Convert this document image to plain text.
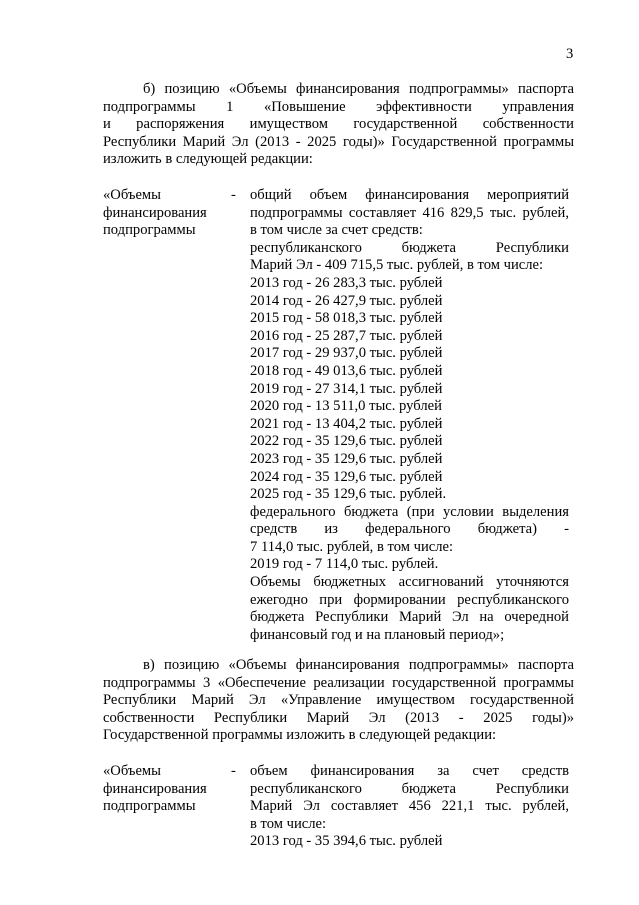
3
б) позицию «Объемы финансирования подпрограммы» паспорта
подпрограммы 1 «Повышение эффективности управления
и распоряжения имуществом государственной собственности
Республики Марий Эл (2013 - 2025 годы)» Государственной программы
изложить в следующей редакции:
«Объемы
финансирования
подпрограммы
- общий объем финансирования мероприятий
подпрограммы составляет 416 829,5 тыс. рублей,
в том числе за счет средств:
республиканского бюджета Республики
Марий Эл - 409 715,5 тыс. рублей, в том числе:
2013 год - 26 283,3 тыс. рублей
2014 год - 26 427,9 тыс. рублей
2015 год - 58 018,3 тыс. рублей
2016 год - 25 287,7 тыс. рублей
2017 год - 29 937,0 тыс. рублей
2018 год - 49 013,6 тыс. рублей
2019 год - 27 314,1 тыс. рублей
2020 год - 13 511,0 тыс. рублей
2021 год - 13 404,2 тыс. рублей
2022 год - 35 129,6 тыс. рублей
2023 год - 35 129,6 тыс. рублей
2024 год - 35 129,6 тыс. рублей
2025 год - 35 129,6 тыс. рублей.
федерального бюджета (при условии выделения
средств из федерального бюджета) -
7 114,0 тыс. рублей, в том числе:
2019 год - 7 114,0 тыс. рублей.
Объемы бюджетных ассигнований уточняются
ежегодно при формировании республиканского
бюджета Республики Марий Эл на очередной
финансовый год и на плановый период»;
в) позицию «Объемы финансирования подпрограммы» паспорта
подпрограммы 3 «Обеспечение реализации государственной программы
Республики Марий Эл «Управление имуществом государственной
собственности Республики Марий Эл (2013 - 2025 годы)»
Государственной программы изложить в следующей редакции:
«Объемы
финансирования
подпрограммы
- объем финансирования за счет средств
республиканского бюджета Республики
Марий Эл составляет 456 221,1 тыс. рублей,
в том числе:
2013 год - 35 394,6 тыс. рублей
